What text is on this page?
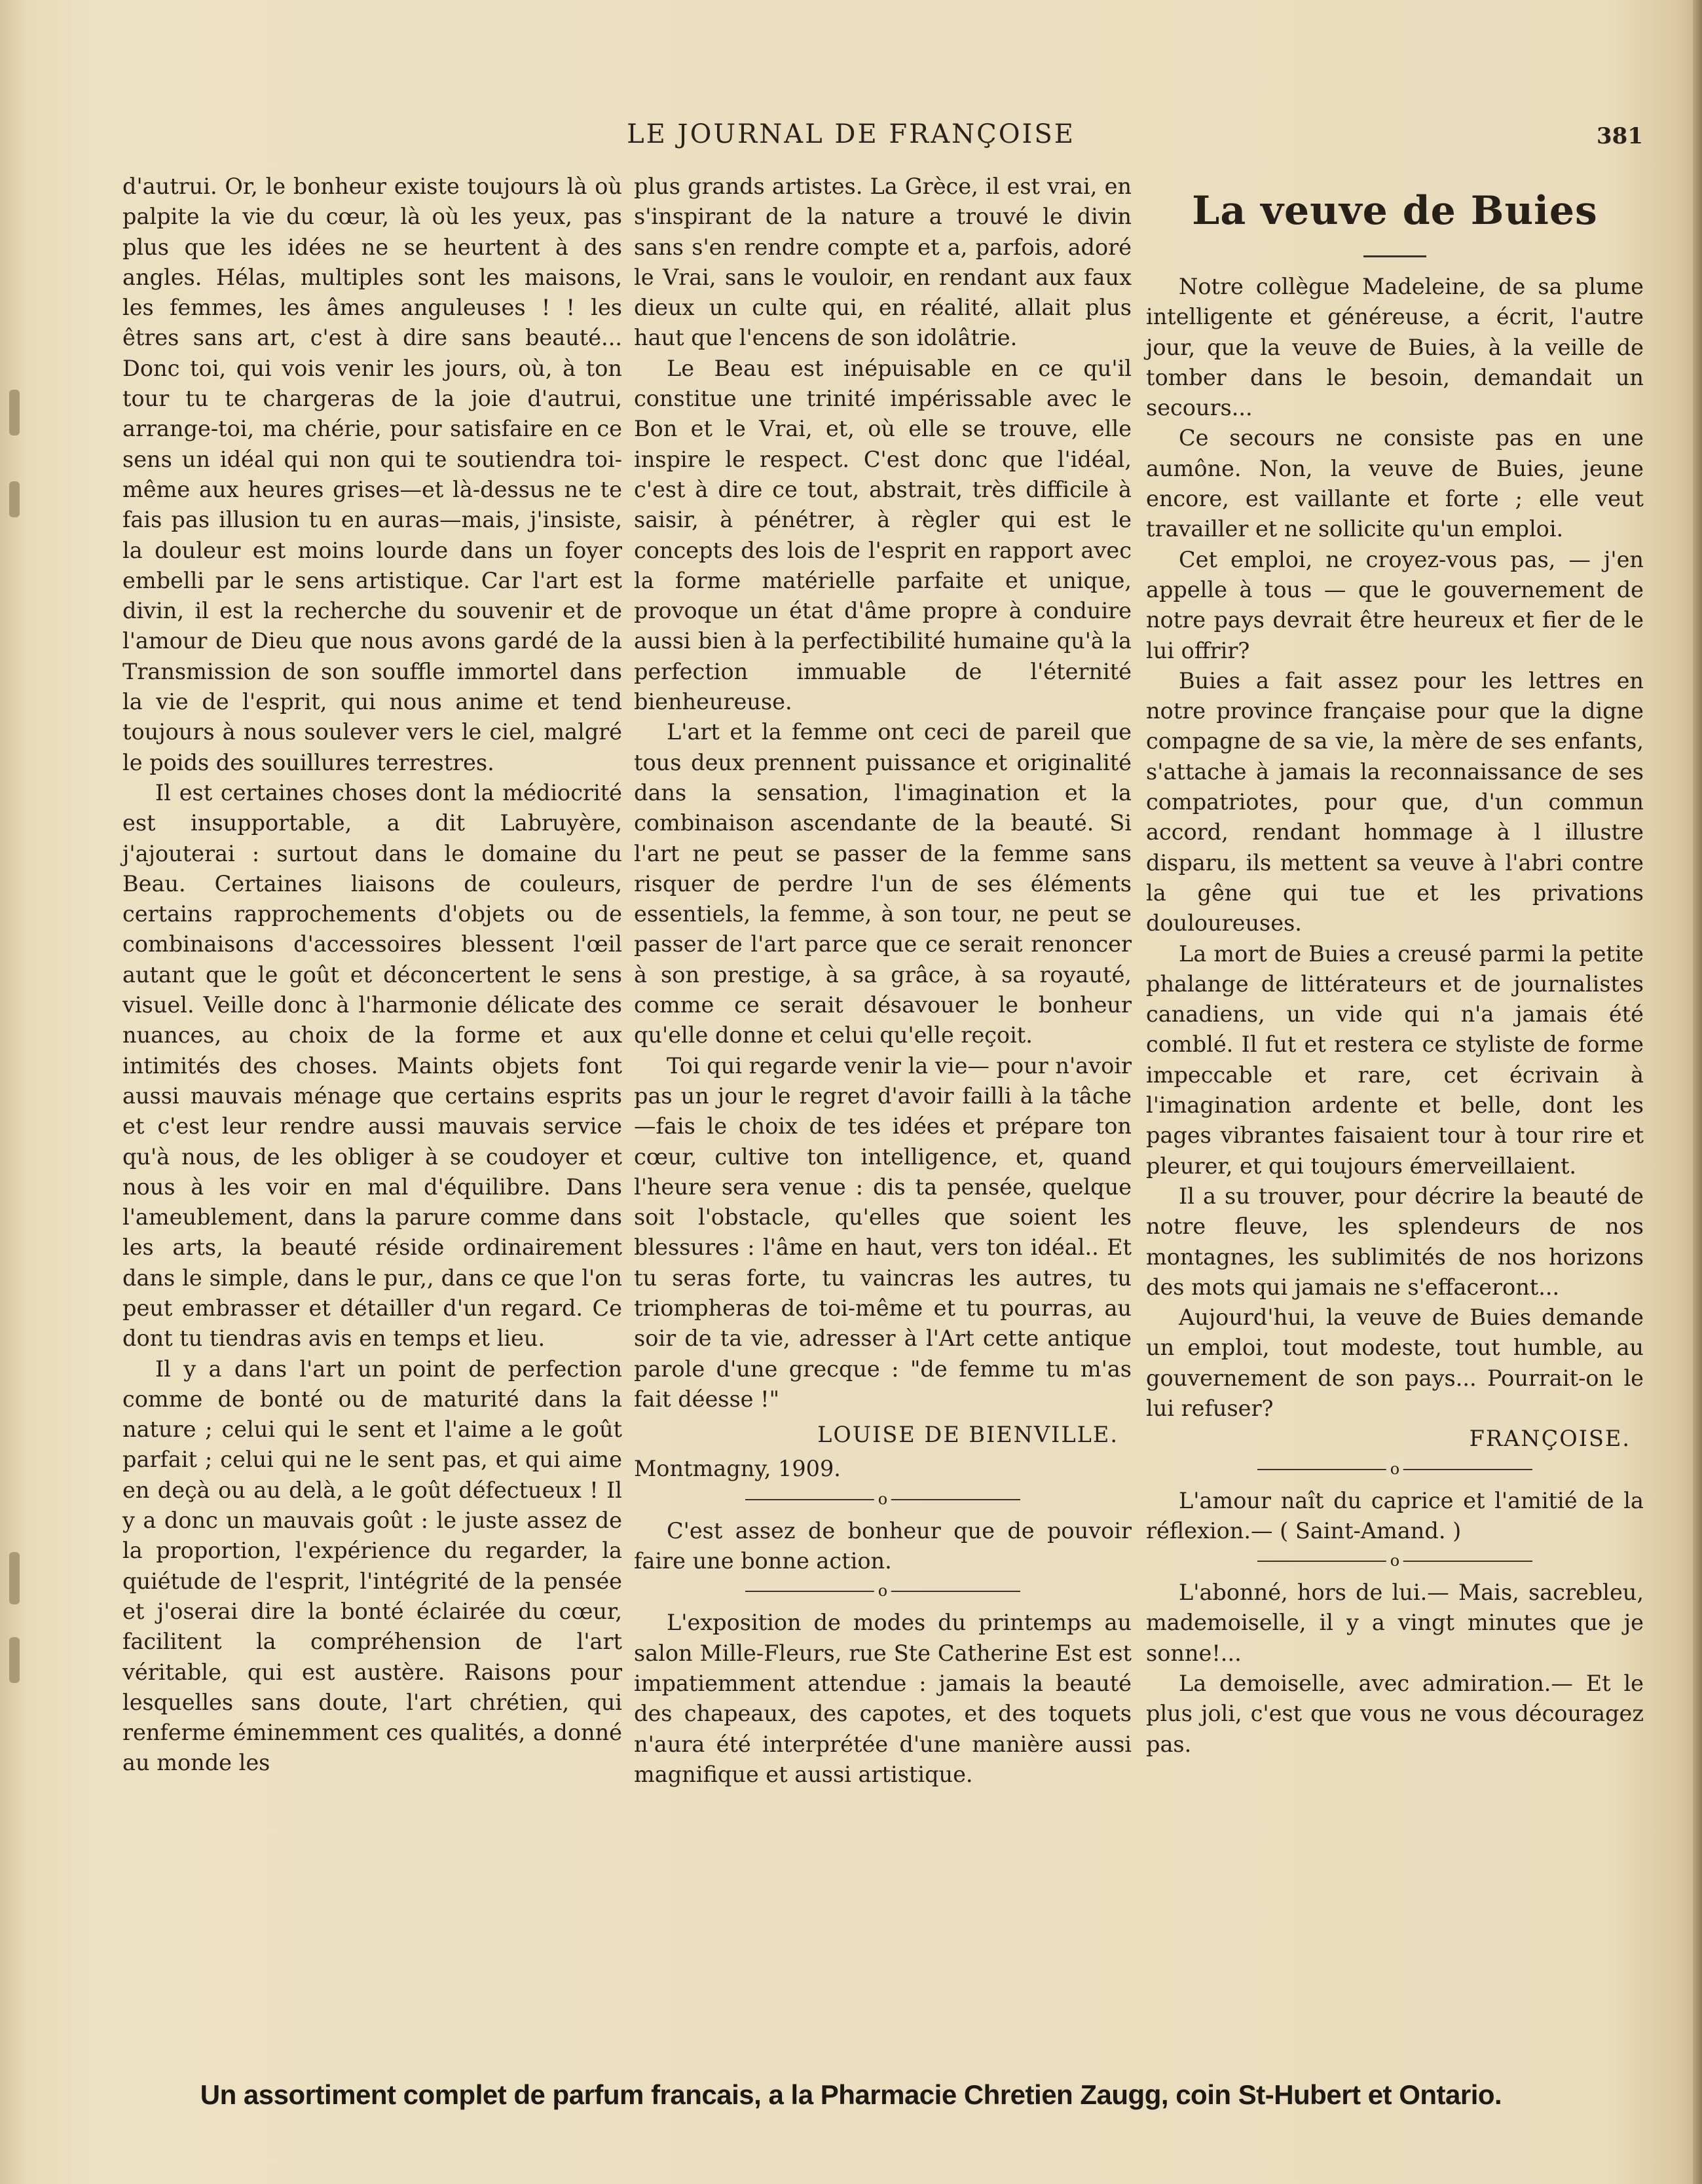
LE JOURNAL DE FRANÇOISE	381

d'autrui. Or, le bonheur existe toujours là où palpite la vie du cœur, là où les yeux, pas plus que les idées ne se heurtent à des angles. Hélas, multiples sont les maisons, les femmes, les âmes anguleuses ! ! les êtres sans art, c'est à dire sans beauté... Donc toi, qui vois venir les jours, où, à ton tour tu te chargeras de la joie d'autrui, arrange-toi, ma chérie, pour satisfaire en ce sens un idéal qui non qui te soutiendra toi-même aux heures grises—et là-dessus ne te fais pas illusion tu en auras—mais, j'insiste, la douleur est moins lourde dans un foyer embelli par le sens artistique. Car l'art est divin, il est la recherche du souvenir et de l'amour de Dieu que nous avons gardé de la Transmission de son souffle immortel dans la vie de l'esprit, qui nous anime et tend toujours à nous soulever vers le ciel, malgré le poids des souillures terrestres.

Il est certaines choses dont la médiocrité est insupportable, a dit Labruyère, j'ajouterai : surtout dans le domaine du Beau. Certaines liaisons de couleurs, certains rapprochements d'objets ou de combinaisons d'accessoires blessent l'œil autant que le goût et déconcertent le sens visuel. Veille donc à l'harmonie délicate des nuances, au choix de la forme et aux intimités des choses. Maints objets font aussi mauvais ménage que certains esprits et c'est leur rendre aussi mauvais service qu'à nous, de les obliger à se coudoyer et nous à les voir en mal d'équilibre. Dans l'ameublement, dans la parure comme dans les arts, la beauté réside ordinairement dans le simple, dans le pur,, dans ce que l'on peut embrasser et détailler d'un regard. Ce dont tu tiendras avis en temps et lieu.

Il y a dans l'art un point de perfection comme de bonté ou de maturité dans la nature ; celui qui le sent et l'aime a le goût parfait ; celui qui ne le sent pas, et qui aime en deçà ou au delà, a le goût défectueux ! Il y a donc un mauvais goût : le juste assez de la proportion, l'expérience du regarder, la quiétude de l'esprit, l'intégrité de la pensée et j'oserai dire la bonté éclairée du cœur, facilitent la compréhension de l'art véritable, qui est austère. Raisons pour lesquelles sans doute, l'art chrétien, qui renferme éminemment ces qualités, a donné au monde les

plus grands artistes. La Grèce, il est vrai, en s'inspirant de la nature a trouvé le divin sans s'en rendre compte et a, parfois, adoré le Vrai, sans le vouloir, en rendant aux faux dieux un culte qui, en réalité, allait plus haut que l'encens de son idolâtrie.

Le Beau est inépuisable en ce qu'il constitue une trinité impérissable avec le Bon et le Vrai, et, où elle se trouve, elle inspire le respect. C'est donc que l'idéal, c'est à dire ce tout, abstrait, très difficile à saisir, à pénétrer, à règler qui est le concepts des lois de l'esprit en rapport avec la forme matérielle parfaite et unique, provoque un état d'âme propre à conduire aussi bien à la perfectibilité humaine qu'à la perfection immuable de l'éternité bienheureuse.

L'art et la femme ont ceci de pareil que tous deux prennent puissance et originalité dans la sensation, l'imagination et la combinaison ascendante de la beauté. Si l'art ne peut se passer de la femme sans risquer de perdre l'un de ses éléments essentiels, la femme, à son tour, ne peut se passer de l'art parce que ce serait renoncer à son prestige, à sa grâce, à sa royauté, comme ce serait désavouer le bonheur qu'elle donne et celui qu'elle reçoit.

Toi qui regarde venir la vie— pour n'avoir pas un jour le regret d'avoir failli à la tâche—fais le choix de tes idées et prépare ton cœur, cultive ton intelligence, et, quand l'heure sera venue : dis ta pensée, quelque soit l'obstacle, qu'elles que soient les blessures : l'âme en haut, vers ton idéal.. Et tu seras forte, tu vaincras les autres, tu triompheras de toi-même et tu pourras, au soir de ta vie, adresser à l'Art cette antique parole d'une grecque : "de femme tu m'as fait déesse !"

LOUISE DE BIENVILLE.

Montmagny, 1909.

o

C'est assez de bonheur que de pouvoir faire une bonne action.

o

L'exposition de modes du printemps au salon Mille-Fleurs, rue Ste Catherine Est est impatiemment attendue : jamais la beauté des chapeaux, des capotes, et des toquets n'aura été interprétée d'une manière aussi magnifique et aussi artistique.

La veuve de Buies

Notre collègue Madeleine, de sa plume intelligente et généreuse, a écrit, l'autre jour, que la veuve de Buies, à la veille de tomber dans le besoin, demandait un secours...

Ce secours ne consiste pas en une aumône. Non, la veuve de Buies, jeune encore, est vaillante et forte ; elle veut travailler et ne sollicite qu'un emploi.

Cet emploi, ne croyez-vous pas, — j'en appelle à tous — que le gouvernement de notre pays devrait être heureux et fier de le lui offrir?

Buies a fait assez pour les lettres en notre province française pour que la digne compagne de sa vie, la mère de ses enfants, s'attache à jamais la reconnaissance de ses compatriotes, pour que, d'un commun accord, rendant hommage à l illustre disparu, ils mettent sa veuve à l'abri contre la gêne qui tue et les privations douloureuses.

La mort de Buies a creusé parmi la petite phalange de littérateurs et de journalistes canadiens, un vide qui n'a jamais été comblé. Il fut et restera ce styliste de forme impeccable et rare, cet écrivain à l'imagination ardente et belle, dont les pages vibrantes faisaient tour à tour rire et pleurer, et qui toujours émerveillaient.

Il a su trouver, pour décrire la beauté de notre fleuve, les splendeurs de nos montagnes, les sublimités de nos horizons des mots qui jamais ne s'effaceront...

Aujourd'hui, la veuve de Buies demande un emploi, tout modeste, tout humble, au gouvernement de son pays... Pourrait-on le lui refuser?

FRANÇOISE.

o

L'amour naît du caprice et l'amitié de la réflexion.— ( Saint-Amand. )

o

L'abonné, hors de lui.— Mais, sacrebleu, mademoiselle, il y a vingt minutes que je sonne!...

La demoiselle, avec admiration.— Et le plus joli, c'est que vous ne vous découragez pas.

Un assortiment complet de parfum francais, a la Pharmacie Chretien Zaugg, coin St-Hubert et Ontario.
